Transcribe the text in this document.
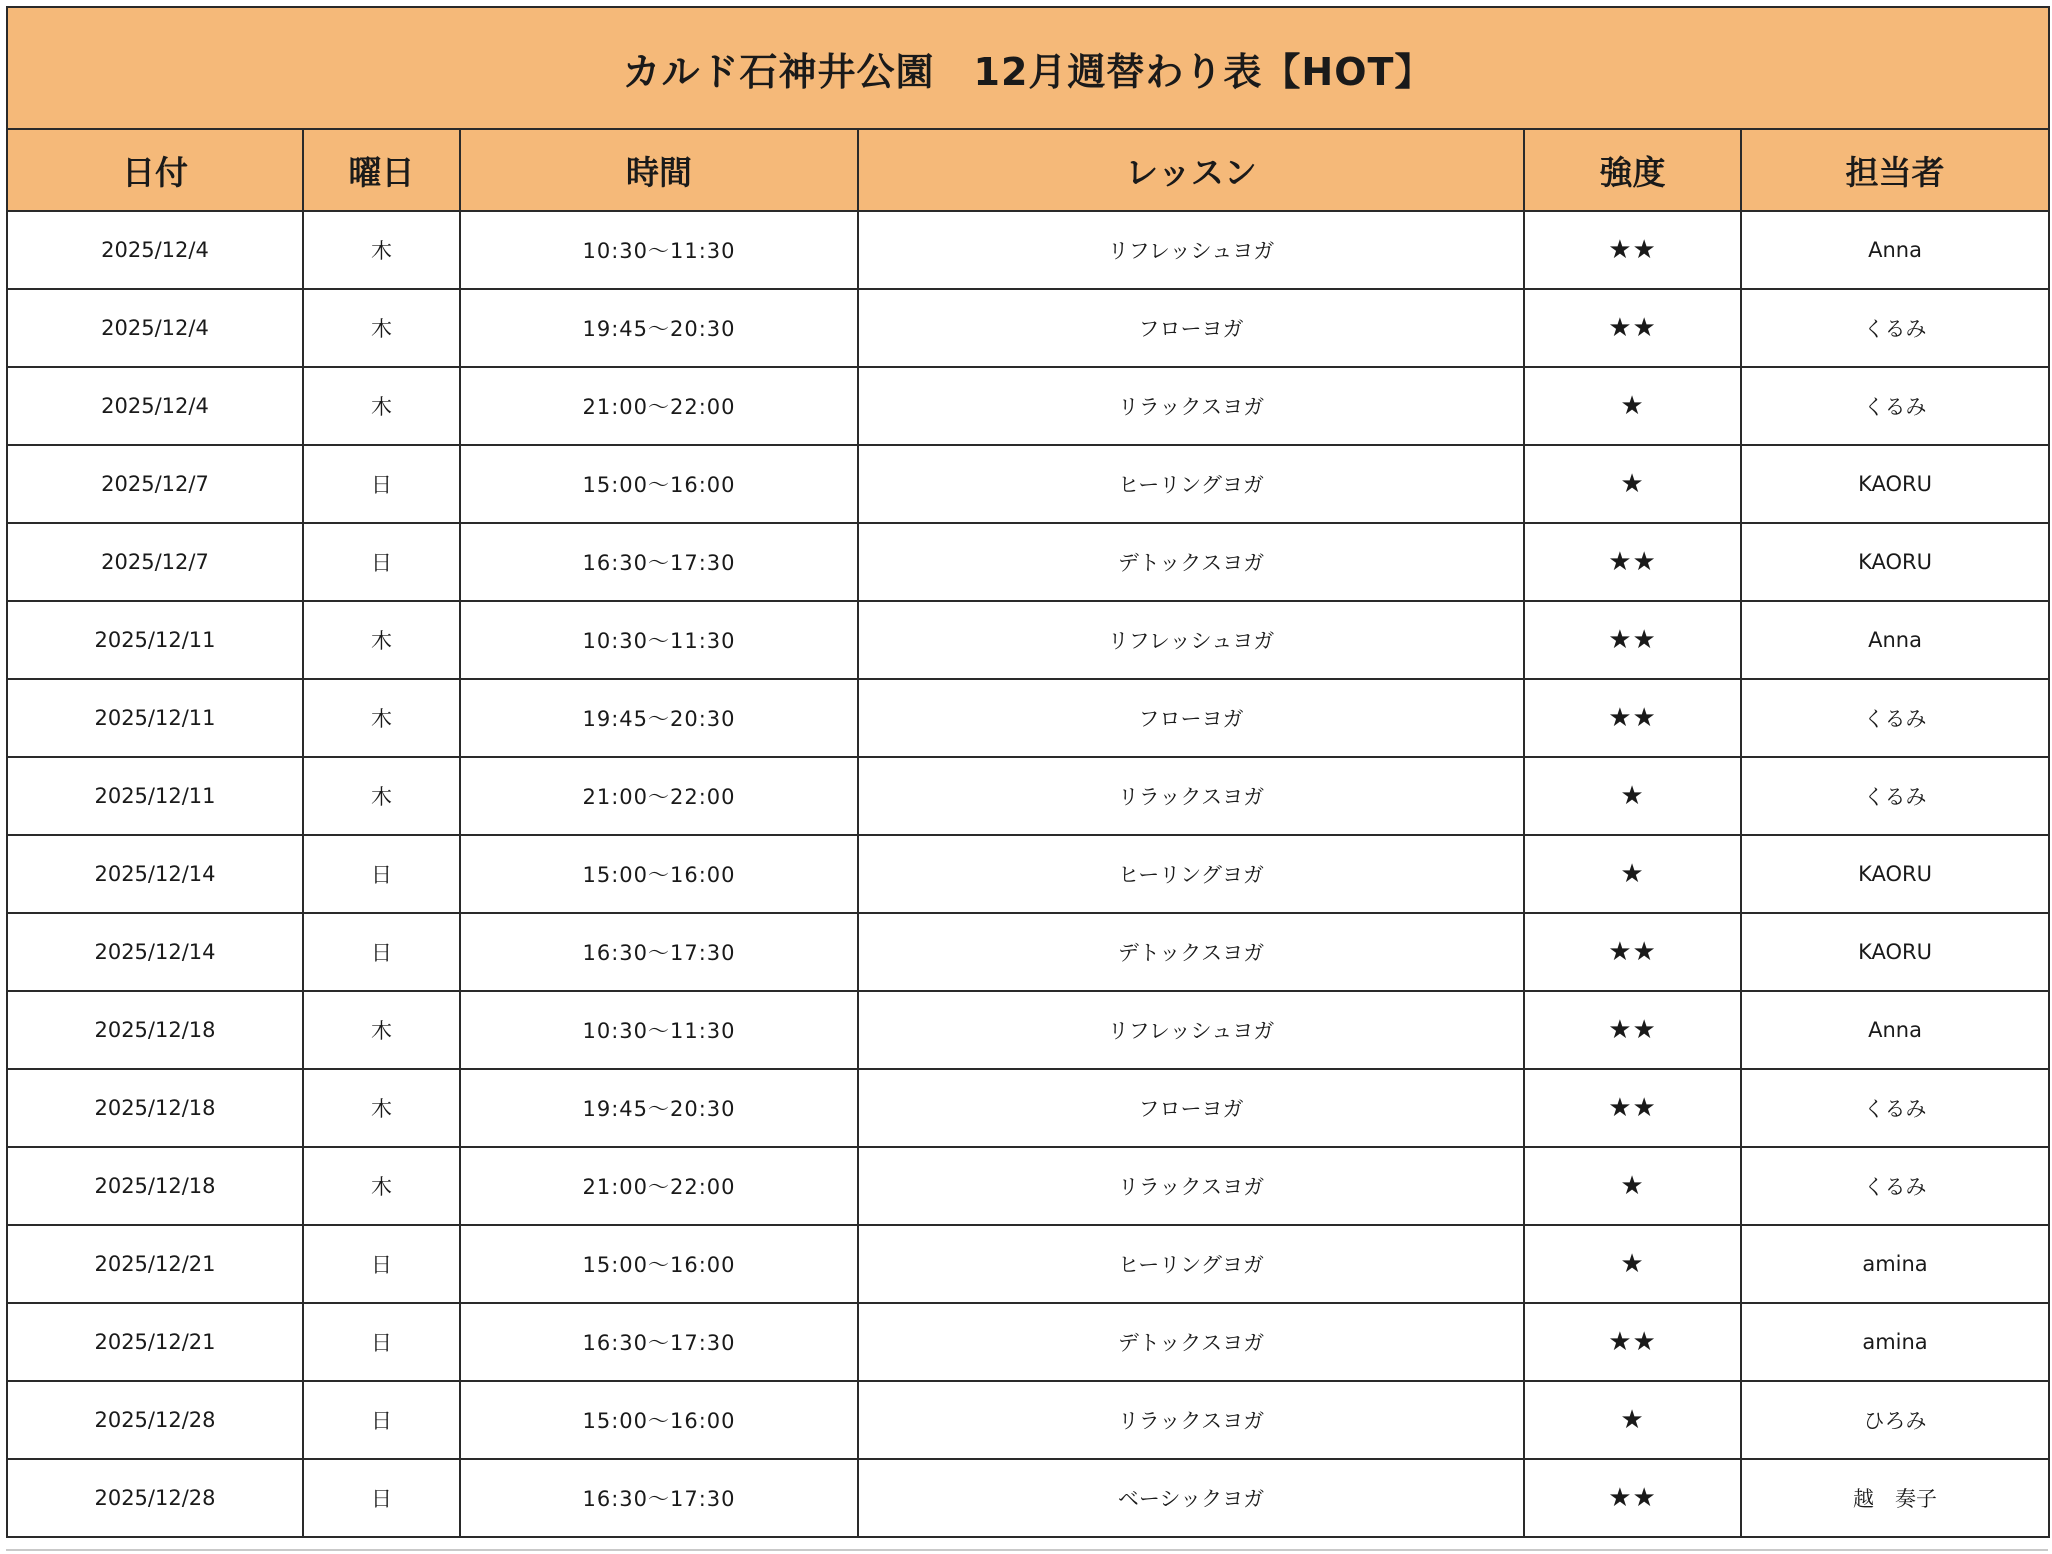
カルド石神井公園　12月週替わり表【HOT】					
日付	曜日	時間	レッスン	強度	担当者
2025/12/4	木	10:30〜11:30	リフレッシュヨガ	★★	Anna
2025/12/4	木	19:45〜20:30	フローヨガ	★★	くるみ
2025/12/4	木	21:00〜22:00	リラックスヨガ	★	くるみ
2025/12/7	日	15:00〜16:00	ヒーリングヨガ	★	KAORU
2025/12/7	日	16:30〜17:30	デトックスヨガ	★★	KAORU
2025/12/11	木	10:30〜11:30	リフレッシュヨガ	★★	Anna
2025/12/11	木	19:45〜20:30	フローヨガ	★★	くるみ
2025/12/11	木	21:00〜22:00	リラックスヨガ	★	くるみ
2025/12/14	日	15:00〜16:00	ヒーリングヨガ	★	KAORU
2025/12/14	日	16:30〜17:30	デトックスヨガ	★★	KAORU
2025/12/18	木	10:30〜11:30	リフレッシュヨガ	★★	Anna
2025/12/18	木	19:45〜20:30	フローヨガ	★★	くるみ
2025/12/18	木	21:00〜22:00	リラックスヨガ	★	くるみ
2025/12/21	日	15:00〜16:00	ヒーリングヨガ	★	amina
2025/12/21	日	16:30〜17:30	デトックスヨガ	★★	amina
2025/12/28	日	15:00〜16:00	リラックスヨガ	★	ひろみ
2025/12/28	日	16:30〜17:30	ベーシックヨガ	★★	越　奏子
